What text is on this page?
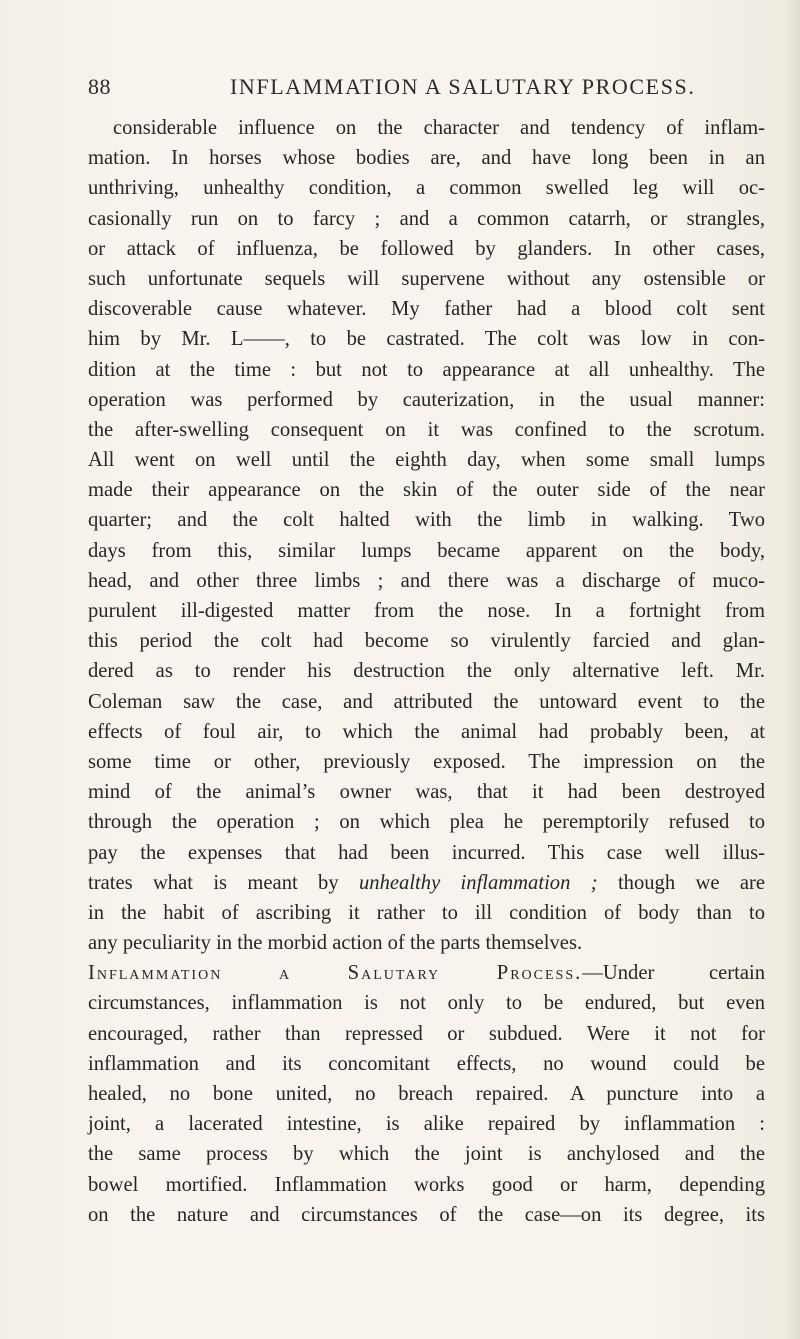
88	INFLAMMATION A SALUTARY PROCESS.
considerable influence on the character and tendency of inflam-
mation. In horses whose bodies are, and have long been in an
unthriving, unhealthy condition, a common swelled leg will oc-
casionally run on to farcy ; and a common catarrh, or strangles,
or attack of influenza, be followed by glanders. In other cases,
such unfortunate sequels will supervene without any ostensible or
discoverable cause whatever. My father had a blood colt sent
him by Mr. L——, to be castrated. The colt was low in con-
dition at the time : but not to appearance at all unhealthy. The
operation was performed by cauterization, in the usual manner:
the after-swelling consequent on it was confined to the scrotum.
All went on well until the eighth day, when some small lumps
made their appearance on the skin of the outer side of the near
quarter; and the colt halted with the limb in walking. Two
days from this, similar lumps became apparent on the body,
head, and other three limbs ; and there was a discharge of muco-
purulent ill-digested matter from the nose. In a fortnight from
this period the colt had become so virulently farcied and glan-
dered as to render his destruction the only alternative left. Mr.
Coleman saw the case, and attributed the untoward event to the
effects of foul air, to which the animal had probably been, at
some time or other, previously exposed. The impression on the
mind of the animal’s owner was, that it had been destroyed
through the operation ; on which plea he peremptorily refused to
pay the expenses that had been incurred. This case well illus-
trates what is meant by unhealthy inflammation ; though we are
in the habit of ascribing it rather to ill condition of body than to
any peculiarity in the morbid action of the parts themselves.
Inflammation a Salutary Process.—Under certain
circumstances, inflammation is not only to be endured, but even
encouraged, rather than repressed or subdued. Were it not for
inflammation and its concomitant effects, no wound could be
healed, no bone united, no breach repaired. A puncture into a
joint, a lacerated intestine, is alike repaired by inflammation :
the same process by which the joint is anchylosed and the
bowel mortified. Inflammation works good or harm, depending
on the nature and circumstances of the case—on its degree, its
